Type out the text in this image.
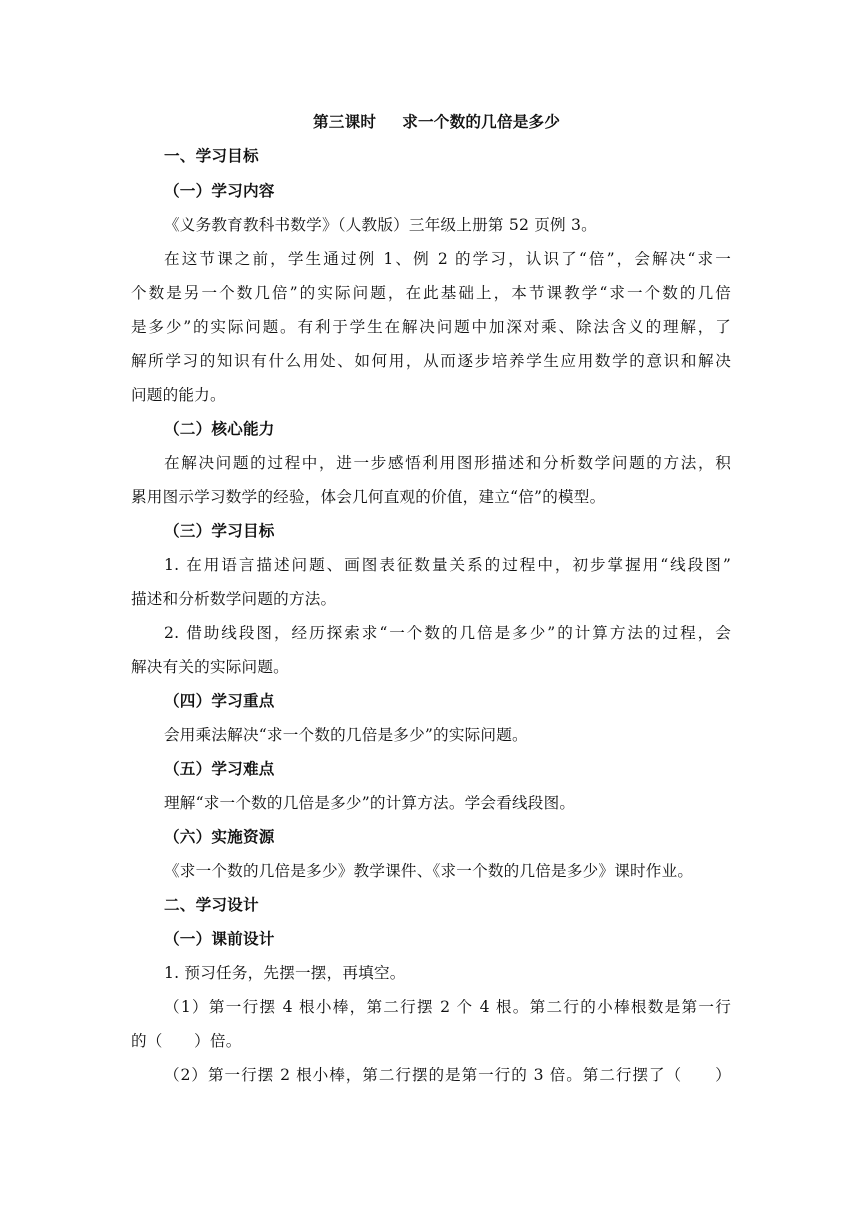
第三课时 求一个数的几倍是多少
一、学习目标
（一）学习内容
《义务教育教科书数学》（人教版）三年级上册第 52 页例 3。
在这节课之前，学生通过例 1、例 2 的学习，认识了“倍”，会解决“求一
个数是另一个数几倍”的实际问题，在此基础上，本节课教学“求一个数的几倍
是多少”的实际问题。有利于学生在解决问题中加深对乘、除法含义的理解，了
解所学习的知识有什么用处、如何用，从而逐步培养学生应用数学的意识和解决
问题的能力。
（二）核心能力
在解决问题的过程中，进一步感悟利用图形描述和分析数学问题的方法，积
累用图示学习数学的经验，体会几何直观的价值，建立“倍”的模型。
（三）学习目标
1. 在用语言描述问题、画图表征数量关系的过程中，初步掌握用“线段图”
描述和分析数学问题的方法。
2. 借助线段图，经历探索求“一个数的几倍是多少”的计算方法的过程，会
解决有关的实际问题。
（四）学习重点
会用乘法解决“求一个数的几倍是多少”的实际问题。
（五）学习难点
理解“求一个数的几倍是多少”的计算方法。学会看线段图。
（六）实施资源
《求一个数的几倍是多少》教学课件、《求一个数的几倍是多少》课时作业。
二、学习设计
（一）课前设计
1. 预习任务，先摆一摆，再填空。
（1）第一行摆 4 根小棒，第二行摆 2 个 4 根。第二行的小棒根数是第一行
的（　　）倍。
（2）第一行摆 2 根小棒，第二行摆的是第一行的 3 倍。第二行摆了（　　）
